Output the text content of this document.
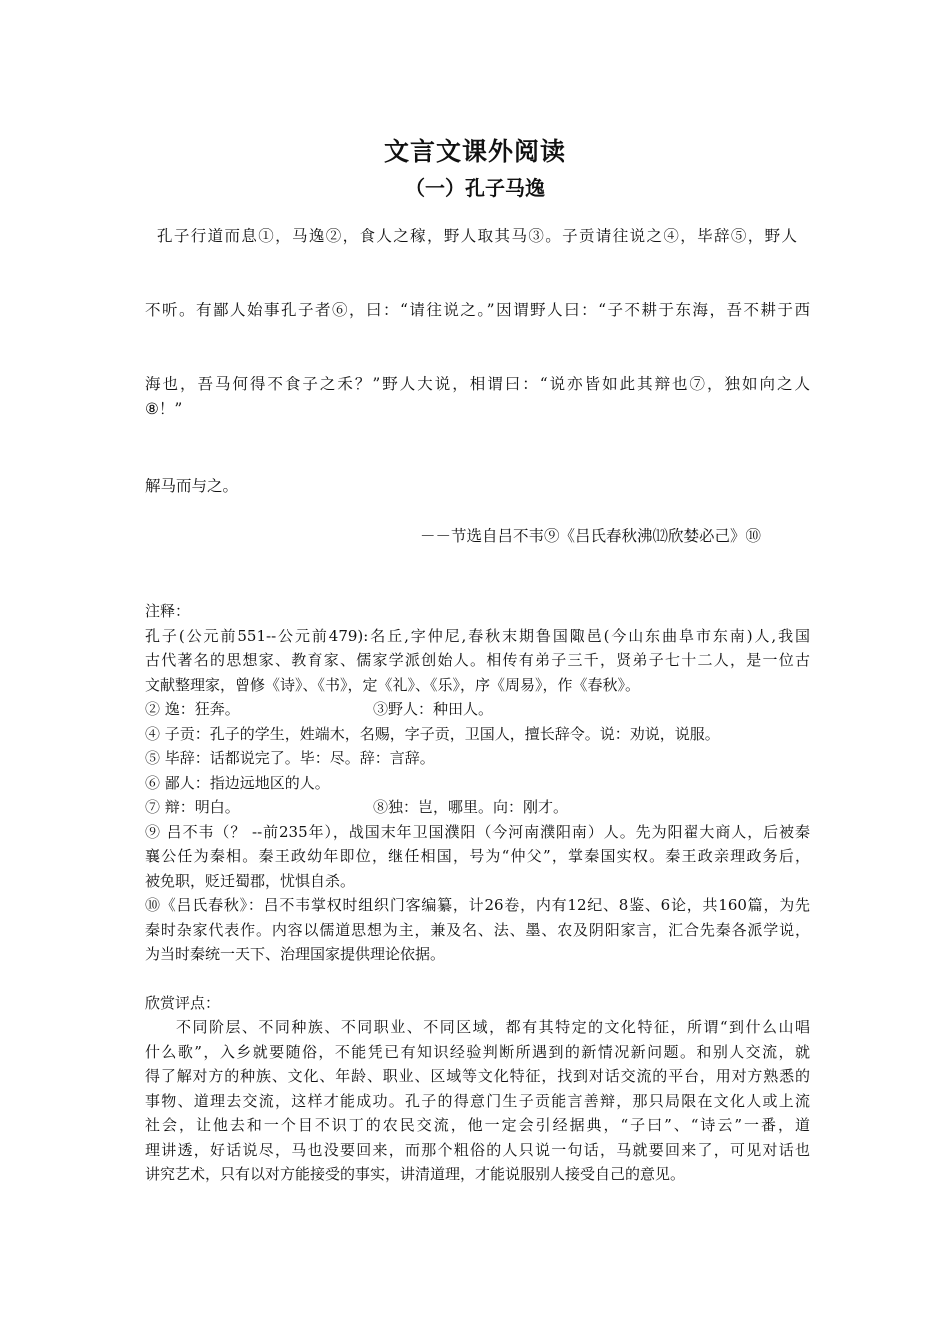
文言文课外阅读
（一）孔子马逸
孔子行道而息①，马逸②，食人之稼，野人取其马③。子贡请往说之④，毕辞⑤，野人
不听。有鄙人始事孔子者⑥，曰：“请往说之。”因谓野人曰：“子不耕于东海，吾不耕于西
海也，吾马何得不食子之禾？”野人大说，相谓曰：“说亦皆如此其辩也⑦，独如向之人
⑧！”
解马而与之。
－－节选自吕不韦⑨《吕氏春秋沸⑿欣婪必己》⑩
注释：
孔子(公元前551--公元前479):名丘,字仲尼,春秋末期鲁国陬邑(今山东曲阜市东南)人,我国
古代著名的思想家、教育家、儒家学派创始人。相传有弟子三千，贤弟子七十二人，是一位古
文献整理家，曾修《诗》、《书》，定《礼》、《乐》，序《周易》，作《春秋》。
② 逸：狂奔。	③野人：种田人。
④ 子贡：孔子的学生，姓端木，名赐，字子贡，卫国人，擅长辞令。说：劝说，说服。
⑤ 毕辞：话都说完了。毕：尽。辞：言辞。
⑥ 鄙人：指边远地区的人。
⑦ 辩：明白。	⑧独：岂，哪里。向：刚才。
⑨ 吕不韦（？ --前235年），战国末年卫国濮阳（今河南濮阳南）人。先为阳翟大商人，后被秦
襄公任为秦相。秦王政幼年即位，继任相国，号为“仲父”，掌秦国实权。秦王政亲理政务后，
被免职，贬迁蜀郡，忧惧自杀。
⑩《吕氏春秋》：吕不韦掌权时组织门客编纂，计26卷，内有12纪、8鉴、6论，共160篇，为先
秦时杂家代表作。内容以儒道思想为主，兼及名、法、墨、农及阴阳家言，汇合先秦各派学说，
为当时秦统一天下、治理国家提供理论依据。
欣赏评点：
不同阶层、不同种族、不同职业、不同区域，都有其特定的文化特征，所谓“到什么山唱
什么歌”，入乡就要随俗，不能凭已有知识经验判断所遇到的新情况新问题。和别人交流，就
得了解对方的种族、文化、年龄、职业、区域等文化特征，找到对话交流的平台，用对方熟悉的
事物、道理去交流，这样才能成功。孔子的得意门生子贡能言善辩，那只局限在文化人或上流
社会，让他去和一个目不识丁的农民交流，他一定会引经据典，“子曰”、“诗云”一番，道
理讲透，好话说尽，马也没要回来，而那个粗俗的人只说一句话，马就要回来了，可见对话也
讲究艺术，只有以对方能接受的事实，讲清道理，才能说服别人接受自己的意见。
